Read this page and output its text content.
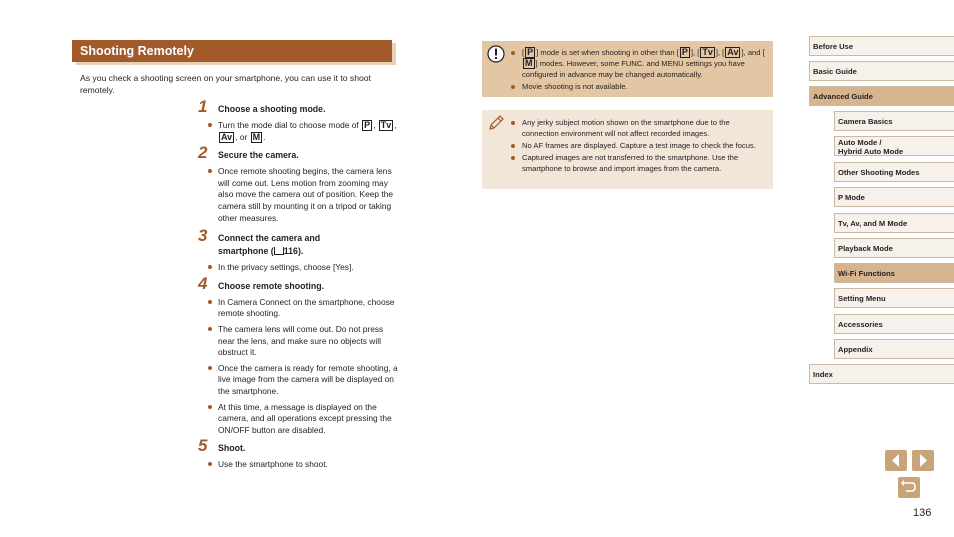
Shooting Remotely

As you check a shooting screen on your smartphone, you can use it to shoot remotely.

1 Choose a shooting mode.
Turn the mode dial to choose mode of P , Tv , Av , or M .
2 Secure the camera.
Once remote shooting begins, the camera lens will come out. Lens motion from zooming may also move the camera out of position. Keep the camera still by mounting it on a tripod or taking other measures.
3 Connect the camera and
smartphone ( 116).
In the privacy settings, choose [Yes].
4 Choose remote shooting.
In Camera Connect on the smartphone, choose remote shooting.
The camera lens will come out. Do not press near the lens, and make sure no objects will obstruct it.
Once the camera is ready for remote shooting, a live image from the camera will be displayed on the smartphone.
At this time, a message is displayed on the camera, and all operations except pressing the ON/OFF button are disabled.
5 Shoot.
Use the smartphone to shoot.
[ P ] mode is set when shooting in other than [ P ], [ Tv ], [ Av ], and [M ] modes. However, some FUNC. and MENU settings you have configured in advance may be changed automatically.
Movie shooting is not available.
Any jerky subject motion shown on the smartphone due to the connection environment will not affect recorded images.
No AF frames are displayed. Capture a test image to check the focus.
Captured images are not transferred to the smartphone. Use the smartphone to browse and import images from the camera.
Before Use
Basic Guide
Advanced Guide
Camera Basics
Auto Mode /
Hybrid Auto Mode
Other Shooting Modes
P Mode
Tv, Av, and M Mode
Playback Mode
Wi-Fi Functions
Setting Menu
Accessories
Appendix
Index
136
